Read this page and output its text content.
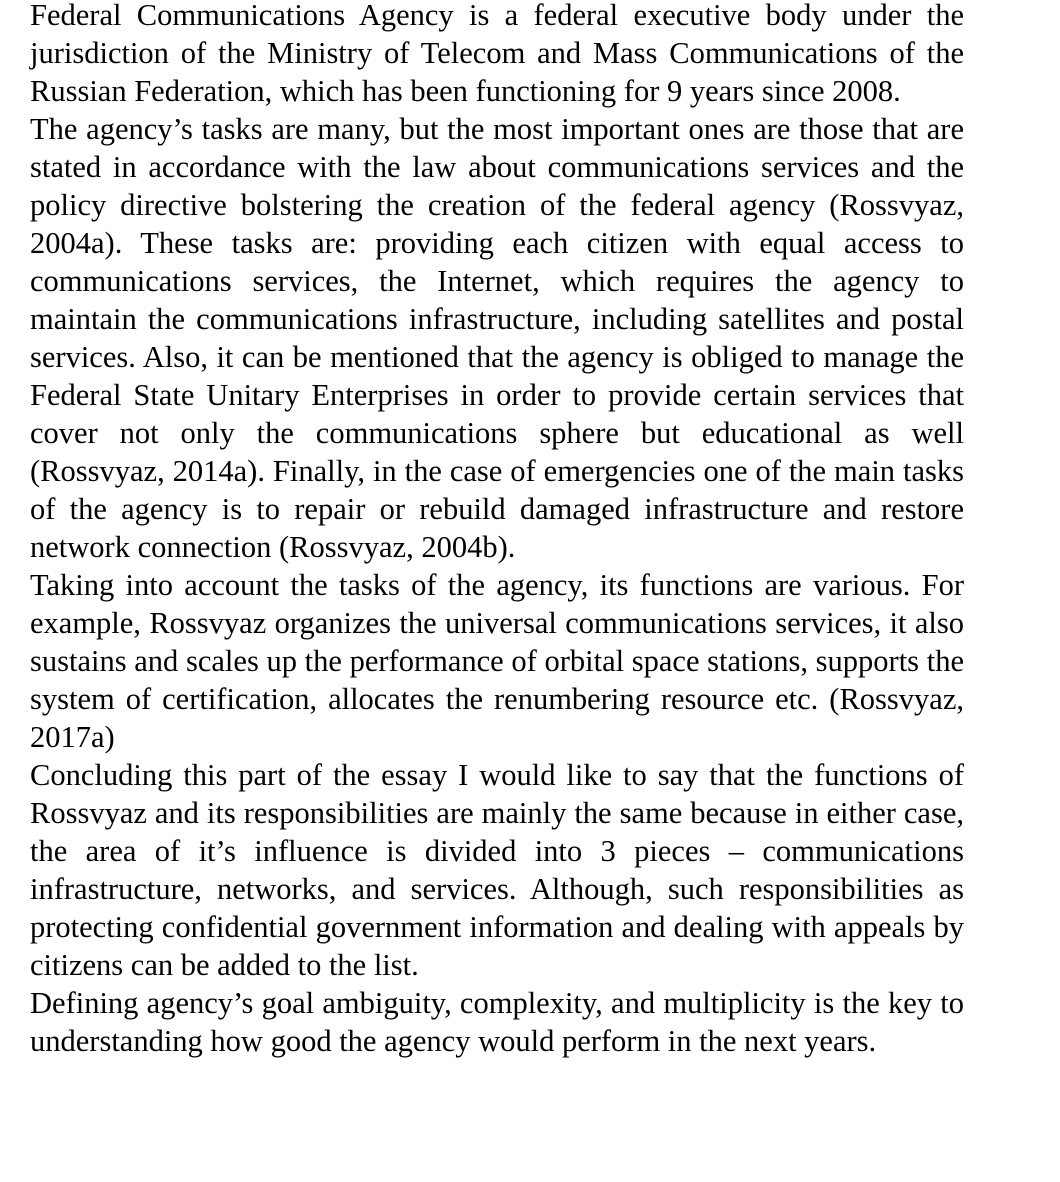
Federal Communications Agency is a federal executive body under the jurisdiction of the Ministry of Telecom and Mass Communications of the Russian Federation, which has been functioning for 9 years since 2008.

The agency’s tasks are many, but the most important ones are those that are stated in accordance with the law about communications services and the policy directive bolstering the creation of the federal agency (Rossvyaz, 2004a). These tasks are: providing each citizen with equal access to communications services, the Internet, which requires the agency to maintain the communications infrastructure, including satellites and postal services. Also, it can be mentioned that the agency is obliged to manage the Federal State Unitary Enterprises in order to provide certain services that cover not only the communications sphere but educational as well (Rossvyaz, 2014a). Finally, in the case of emergencies one of the main tasks of the agency is to repair or rebuild damaged infrastructure and restore network connection (Rossvyaz, 2004b).

Taking into account the tasks of the agency, its functions are various. For example, Rossvyaz organizes the universal communications services, it also sustains and scales up the performance of orbital space stations, supports the system of certification, allocates the renumbering resource etc. (Rossvyaz, 2017a)

Concluding this part of the essay I would like to say that the functions of Rossvyaz and its responsibilities are mainly the same because in either case, the area of it’s influence is divided into 3 pieces – communications infrastructure, networks, and services. Although, such responsibilities as protecting confidential government information and dealing with appeals by citizens can be added to the list.

Defining agency’s goal ambiguity, complexity, and multiplicity is the key to understanding how good the agency would perform in the next years.
